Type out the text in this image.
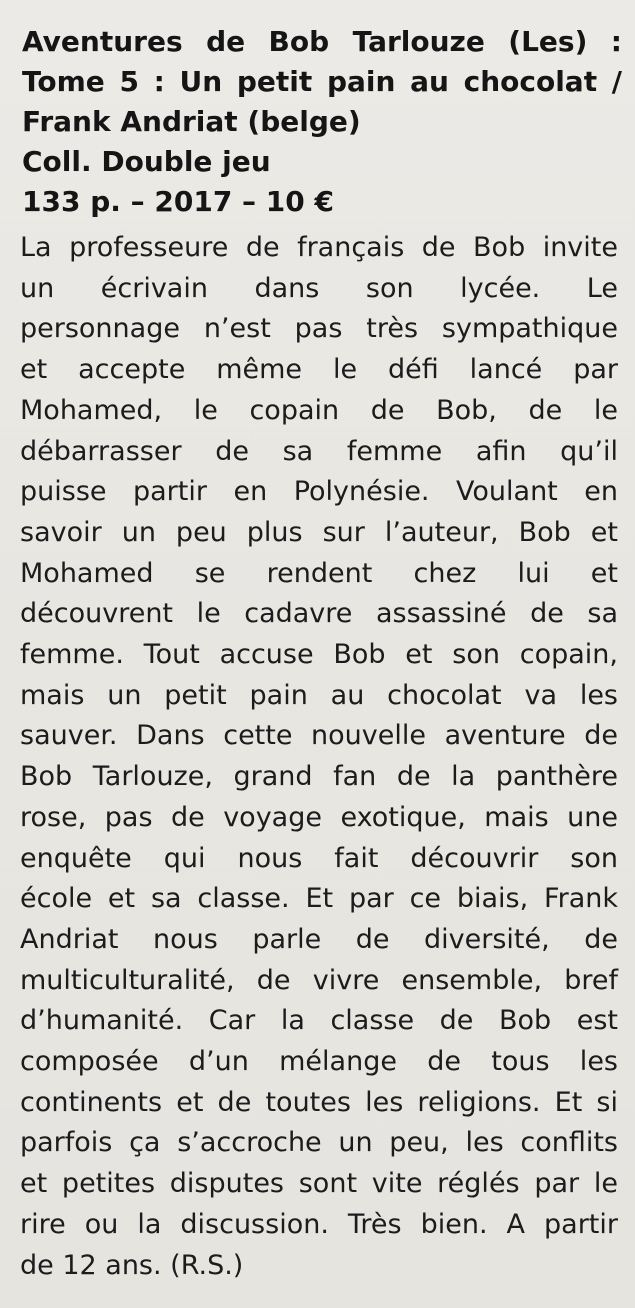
Aventures de Bob Tarlouze (Les) :
Tome 5 : Un petit pain au chocolat /
Frank Andriat (belge)
Coll. Double jeu
133 p. – 2017 – 10 €
La professeure de français de Bob invite
un écrivain dans son lycée. Le
personnage n’est pas très sympathique
et accepte même le défi lancé par
Mohamed, le copain de Bob, de le
débarrasser de sa femme afin qu’il
puisse partir en Polynésie. Voulant en
savoir un peu plus sur l’auteur, Bob et
Mohamed se rendent chez lui et
découvrent le cadavre assassiné de sa
femme. Tout accuse Bob et son copain,
mais un petit pain au chocolat va les
sauver. Dans cette nouvelle aventure de
Bob Tarlouze, grand fan de la panthère
rose, pas de voyage exotique, mais une
enquête qui nous fait découvrir son
école et sa classe. Et par ce biais, Frank
Andriat nous parle de diversité, de
multiculturalité, de vivre ensemble, bref
d’humanité. Car la classe de Bob est
composée d’un mélange de tous les
continents et de toutes les religions. Et si
parfois ça s’accroche un peu, les conflits
et petites disputes sont vite réglés par le
rire ou la discussion. Très bien. A partir
de 12 ans. (R.S.)
